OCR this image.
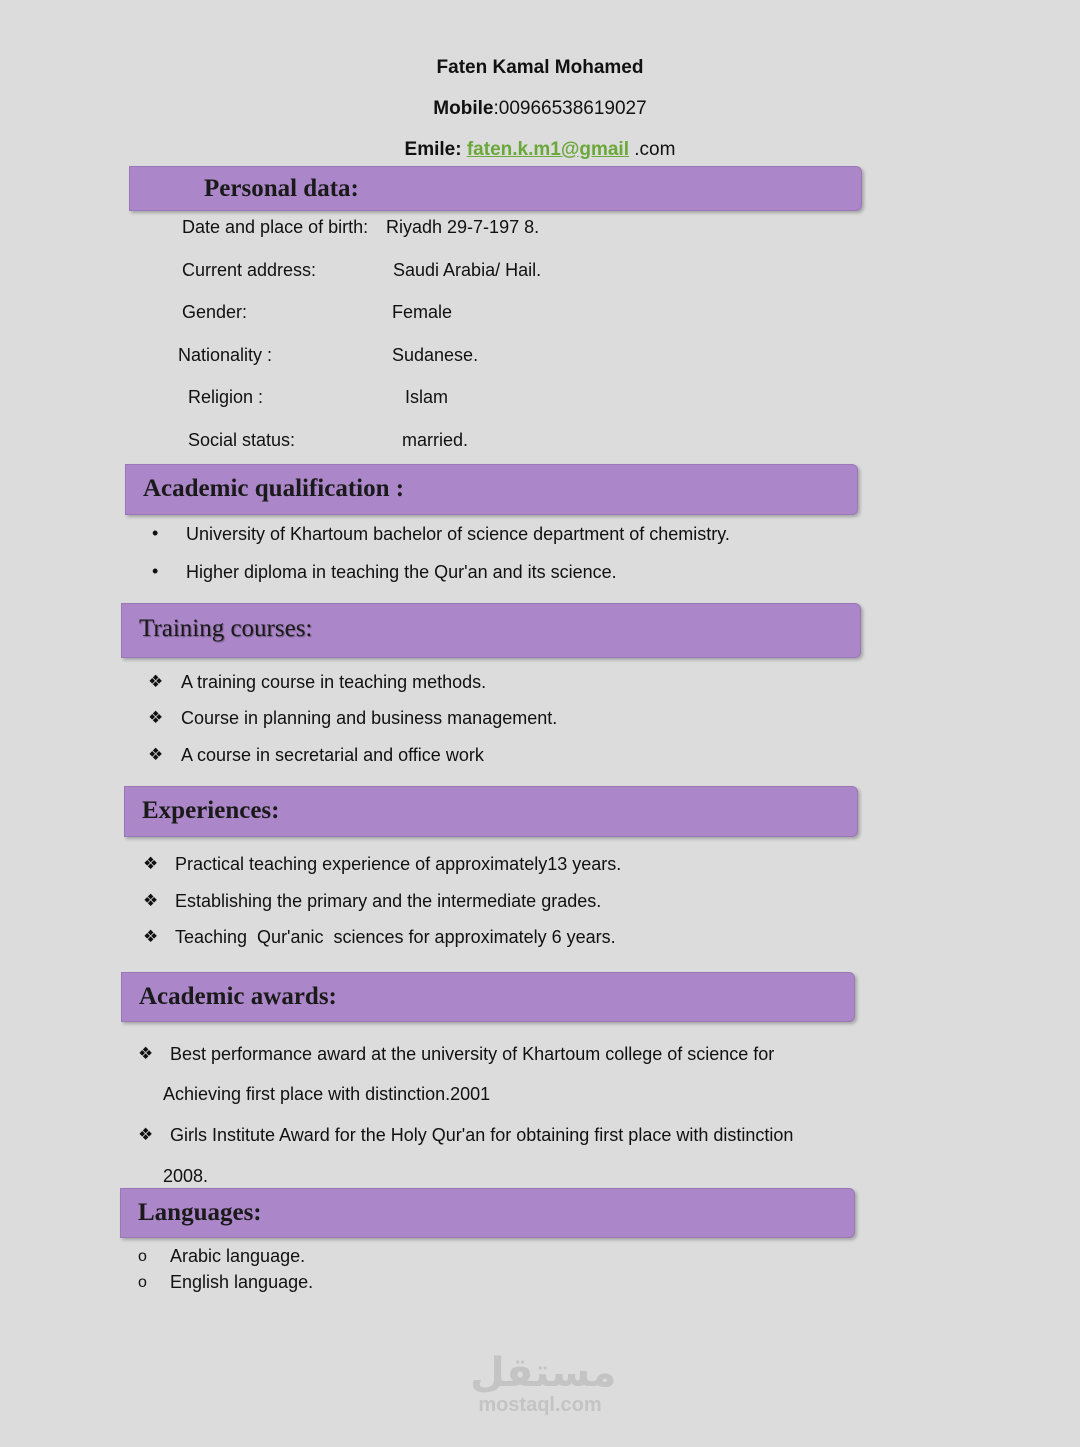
Faten Kamal Mohamed
Mobile:00966538619027
Emile: faten.k.m1@gmail .com
Personal data:
Date and place of birth: Riyadh 29-7-197 8.
Current address:	Saudi Arabia/ Hail.
Gender:	Female
Nationality :	Sudanese.
Religion :	Islam
Social status:	married.
Academic qualification :
• University of Khartoum bachelor of science department of chemistry.
• Higher diploma in teaching the Qur'an and its science.
Training courses:
❖ A training course in teaching methods.
❖ Course in planning and business management.
❖ A course in secretarial and office work
Experiences:
❖ Practical teaching experience of approximately13 years.
❖ Establishing the primary and the intermediate grades.
❖ Teaching  Qur'anic  sciences for approximately 6 years.
Academic awards:
❖ Best performance award at the university of Khartoum college of science for
Achieving first place with distinction.2001
❖ Girls Institute Award for the Holy Qur'an for obtaining first place with distinction
2008.
Languages:
o Arabic language.
o English language.
مستقل
mostaql.com
